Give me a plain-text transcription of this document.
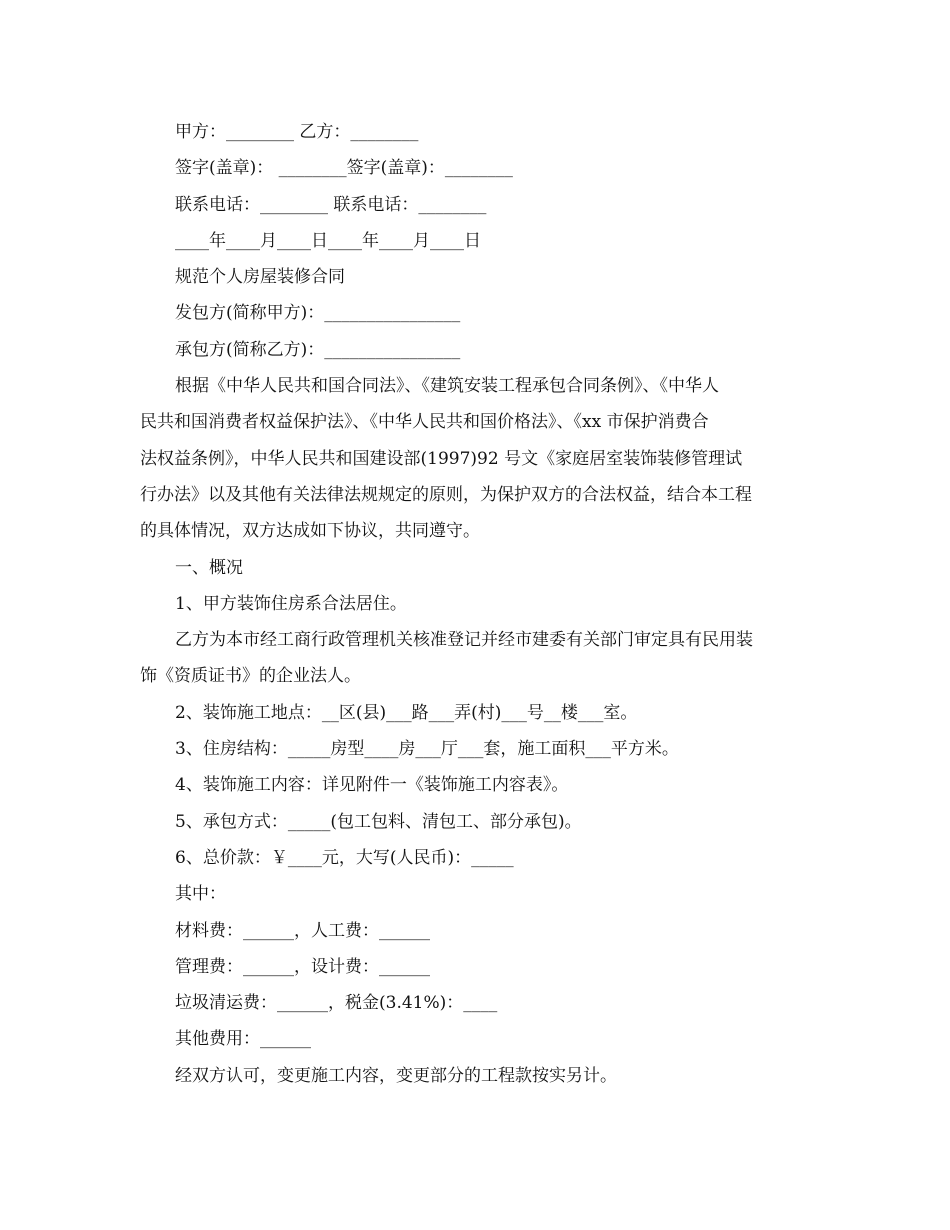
甲方：________ 乙方：________
签字(盖章)： ________签字(盖章)：________
联系电话：________ 联系电话：________
____年____月____日____年____月____日
规范个人房屋装修合同
发包方(简称甲方)：________________
承包方(简称乙方)：________________
根据《中华人民共和国合同法》、《建筑安装工程承包合同条例》、《中华人
民共和国消费者权益保护法》、《中华人民共和国价格法》、《xx 市保护消费合
法权益条例》，中华人民共和国建设部(1997)92 号文《家庭居室装饰装修管理试
行办法》以及其他有关法律法规规定的原则，为保护双方的合法权益，结合本工程
的具体情况，双方达成如下协议，共同遵守。
一、概况
1、甲方装饰住房系合法居住。
乙方为本市经工商行政管理机关核准登记并经市建委有关部门审定具有民用装
饰《资质证书》的企业法人。
2、装饰施工地点：__区(县)___路___弄(村)___号__楼___室。
3、住房结构：_____房型____房___厅___套，施工面积___平方米。
4、装饰施工内容：详见附件一《装饰施工内容表》。
5、承包方式：_____(包工包料、清包工、部分承包)。
6、总价款：￥____元，大写(人民币)：_____
其中：
材料费：______，人工费：______
管理费：______，设计费：______
垃圾清运费：______，税金(3.41%)：____
其他费用：______
经双方认可，变更施工内容，变更部分的工程款按实另计。
